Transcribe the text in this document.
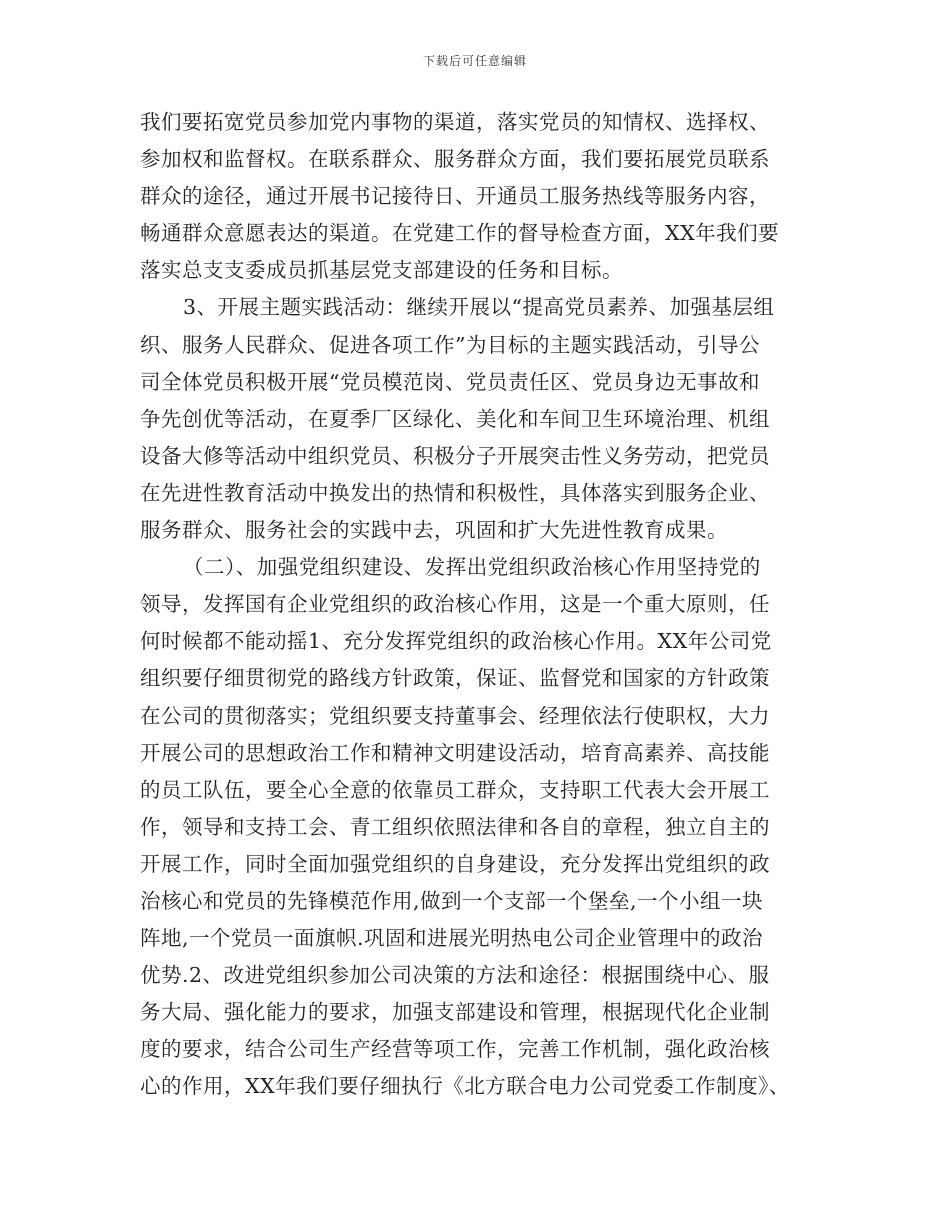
下载后可任意编辑
我们要拓宽党员参加党内事物的渠道，落实党员的知情权、选择权、
参加权和监督权。在联系群众、服务群众方面，我们要拓展党员联系
群众的途径，通过开展书记接待日、开通员工服务热线等服务内容，
畅通群众意愿表达的渠道。在党建工作的督导检查方面，XX年我们要
落实总支支委成员抓基层党支部建设的任务和目标。
3、开展主题实践活动：继续开展以“提高党员素养、加强基层组
织、服务人民群众、促进各项工作”为目标的主题实践活动，引导公
司全体党员积极开展“党员模范岗、党员责任区、党员身边无事故和
争先创优等活动，在夏季厂区绿化、美化和车间卫生环境治理、机组
设备大修等活动中组织党员、积极分子开展突击性义务劳动，把党员
在先进性教育活动中换发出的热情和积极性，具体落实到服务企业、
服务群众、服务社会的实践中去，巩固和扩大先进性教育成果。
（二）、加强党组织建设、发挥出党组织政治核心作用坚持党的
领导，发挥国有企业党组织的政治核心作用，这是一个重大原则，任
何时候都不能动摇1、充分发挥党组织的政治核心作用。XX年公司党
组织要仔细贯彻党的路线方针政策，保证、监督党和国家的方针政策
在公司的贯彻落实；党组织要支持董事会、经理依法行使职权，大力
开展公司的思想政治工作和精神文明建设活动，培育高素养、高技能
的员工队伍，要全心全意的依靠员工群众，支持职工代表大会开展工
作，领导和支持工会、青工组织依照法律和各自的章程，独立自主的
开展工作，同时全面加强党组织的自身建设，充分发挥出党组织的政
治核心和党员的先锋模范作用,做到一个支部一个堡垒,一个小组一块
阵地,一个党员一面旗帜.巩固和进展光明热电公司企业管理中的政治
优势.2、改进党组织参加公司决策的方法和途径：根据围绕中心、服
务大局、强化能力的要求，加强支部建设和管理，根据现代化企业制
度的要求，结合公司生产经营等项工作，完善工作机制，强化政治核
心的作用，XX年我们要仔细执行《北方联合电力公司党委工作制度》、
